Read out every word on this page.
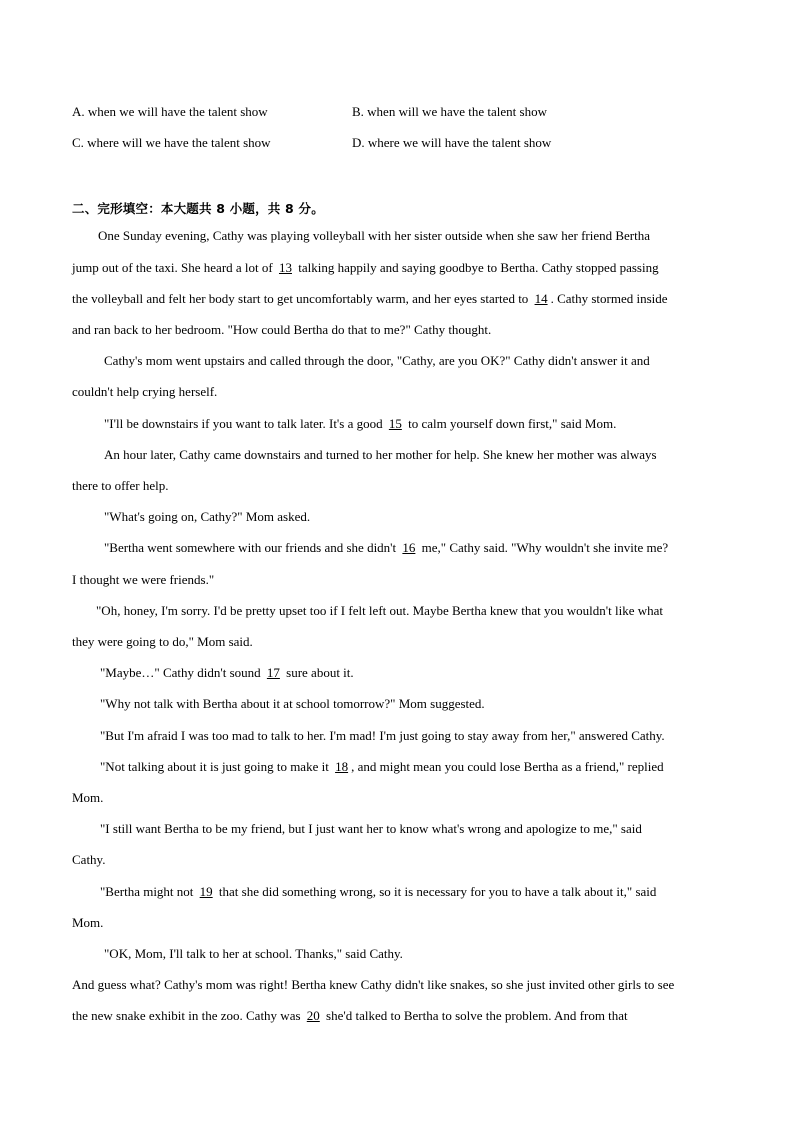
A. when we will have the talent show	B. when will we have the talent show
C. where will we have the talent show	D. where we will have the talent show
二、完形填空：本大题共 8 小题，共 8 分。
One Sunday evening, Cathy was playing volleyball with her sister outside when she saw her friend Bertha
jump out of the taxi. She heard a lot of 13 talking happily and saying goodbye to Bertha. Cathy stopped passing
the volleyball and felt her body start to get uncomfortably warm, and her eyes started to 14 . Cathy stormed inside
and ran back to her bedroom. "How could Bertha do that to me?" Cathy thought.
Cathy's mom went upstairs and called through the door, "Cathy, are you OK?" Cathy didn't answer it and
couldn't help crying herself.
"I'll be downstairs if you want to talk later. It's a good 15 to calm yourself down first," said Mom.
An hour later, Cathy came downstairs and turned to her mother for help. She knew her mother was always
there to offer help.
"What's going on, Cathy?" Mom asked.
"Bertha went somewhere with our friends and she didn't 16 me," Cathy said. "Why wouldn't she invite me?
I thought we were friends."
"Oh, honey, I'm sorry. I'd be pretty upset too if I felt left out. Maybe Bertha knew that you wouldn't like what
they were going to do," Mom said.
"Maybe…" Cathy didn't sound 17 sure about it.
"Why not talk with Bertha about it at school tomorrow?" Mom suggested.
"But I'm afraid I was too mad to talk to her. I'm mad! I'm just going to stay away from her," answered Cathy.
"Not talking about it is just going to make it 18 , and might mean you could lose Bertha as a friend," replied
Mom.
"I still want Bertha to be my friend, but I just want her to know what's wrong and apologize to me," said
Cathy.
"Bertha might not 19 that she did something wrong, so it is necessary for you to have a talk about it," said
Mom.
"OK, Mom, I'll talk to her at school. Thanks," said Cathy.
And guess what? Cathy's mom was right! Bertha knew Cathy didn't like snakes, so she just invited other girls to see
the new snake exhibit in the zoo. Cathy was 20 she'd talked to Bertha to solve the problem. And from that
